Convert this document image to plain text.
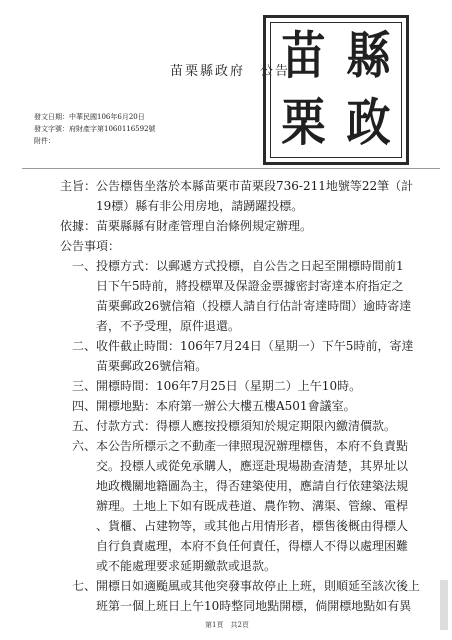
苗栗縣政府　公告
發文日期：中華民國106年6月20日
發文字號：府財產字第1060116592號
附件：
苗 縣
栗 政
主旨：公告標售坐落於本縣苗栗市苗栗段736-211地號等22筆（計
　　　19標）縣有非公用房地，請踴躍投標。
依據：苗栗縣縣有財產管理自治條例規定辦理。
公告事項：
　一、投標方式：以郵遞方式投標，自公告之日起至開標時間前1
　　　日下午5時前，將投標單及保證金票據密封寄達本府指定之
　　　苗栗郵政26號信箱（投標人請自行估計寄達時間）逾時寄達
　　　者，不予受理，原件退還。
　二、收件截止時間：106年7月24日（星期一）下午5時前，寄達
　　　苗栗郵政26號信箱。
　三、開標時間：106年7月25日（星期二）上午10時。
　四、開標地點：本府第一辦公大樓五樓A501會議室。
　五、付款方式：得標人應按投標須知於規定期限內繳清價款。
　六、本公告所標示之不動產一律照現況辦理標售，本府不負責點
　　　交。投標人或從免承購人，應逕赴現場勘查清楚，其界址以
　　　地政機關地籍圖為主，得否建築使用，應請自行依建築法規
　　　辦理。土地上下如有既成巷道、農作物、溝渠、管線、電桿
　　　、貨櫃、占建物等，或其他占用情形者，標售後概由得標人
　　　自行負責處理，本府不負任何責任，得標人不得以處理困難
　　　或不能處理要求延期繳款或退款。
　七、開標日如適颱風或其他突發事故停止上班，則順延至該次後上
　　　班第一個上班日上午10時整同地點開標，倘開標地點如有異
第1頁　共2頁
